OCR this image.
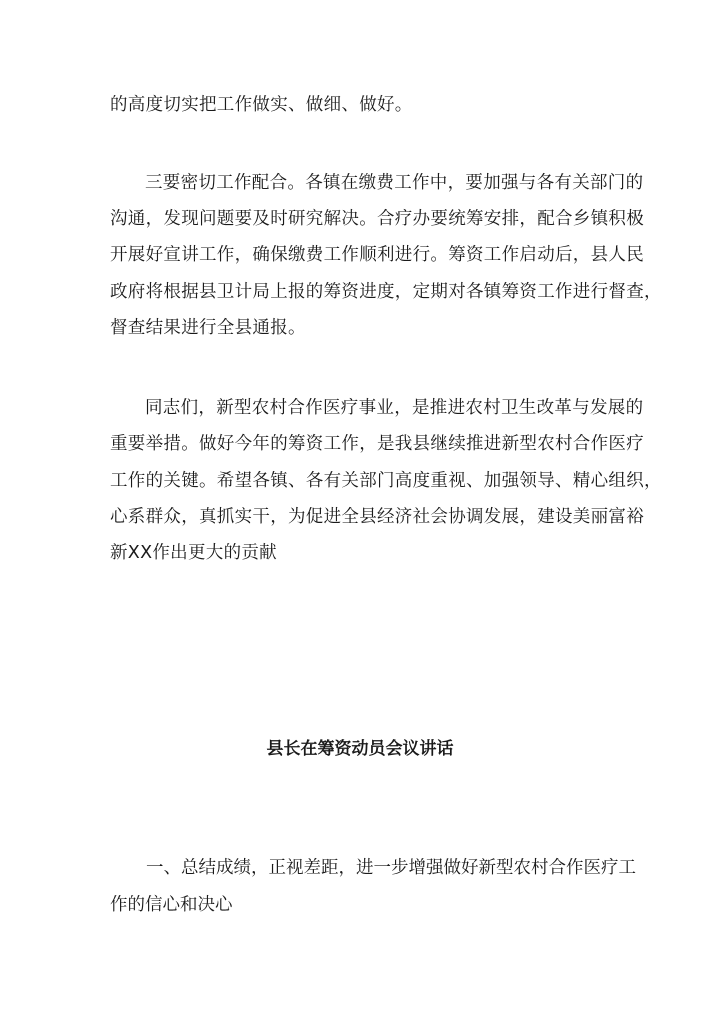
的高度切实把工作做实、做细、做好。
三要密切工作配合。各镇在缴费工作中，要加强与各有关部门的
沟通，发现问题要及时研究解决。合疗办要统筹安排，配合乡镇积极
开展好宣讲工作，确保缴费工作顺利进行。筹资工作启动后，县人民
政府将根据县卫计局上报的筹资进度，定期对各镇筹资工作进行督查，
督查结果进行全县通报。
同志们，新型农村合作医疗事业，是推进农村卫生改革与发展的
重要举措。做好今年的筹资工作，是我县继续推进新型农村合作医疗
工作的关键。希望各镇、各有关部门高度重视、加强领导、精心组织，
心系群众，真抓实干，为促进全县经济社会协调发展，建设美丽富裕
新XX作出更大的贡献
县长在筹资动员会议讲话
一、总结成绩，正视差距，进一步增强做好新型农村合作医疗工
作的信心和决心
